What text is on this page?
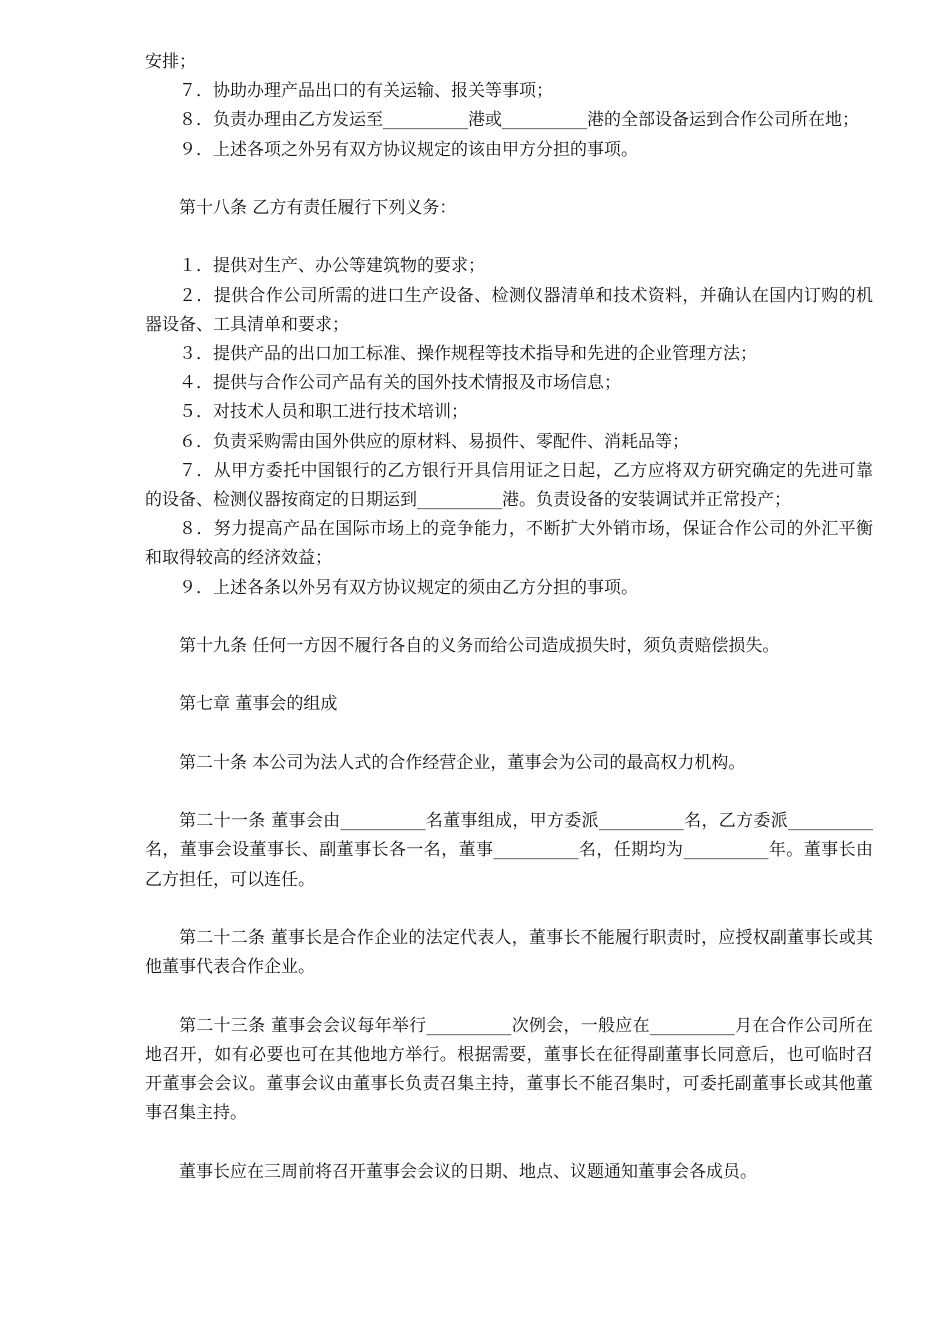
安排；

７．协助办理产品出口的有关运输、报关等事项；

８．负责办理由乙方发运至__________港或__________港的全部设备运到合作公司所在地；

９．上述各项之外另有双方协议规定的该由甲方分担的事项。

第十八条 乙方有责任履行下列义务：

１．提供对生产、办公等建筑物的要求；

２．提供合作公司所需的进口生产设备、检测仪器清单和技术资料，并确认在国内订购的机器设备、工具清单和要求；

３．提供产品的出口加工标准、操作规程等技术指导和先进的企业管理方法；

４．提供与合作公司产品有关的国外技术情报及市场信息；

５．对技术人员和职工进行技术培训；

６．负责采购需由国外供应的原材料、易损件、零配件、消耗品等；

７．从甲方委托中国银行的乙方银行开具信用证之日起，乙方应将双方研究确定的先进可靠的设备、检测仪器按商定的日期运到__________港。负责设备的安装调试并正常投产；

８．努力提高产品在国际市场上的竞争能力，不断扩大外销市场，保证合作公司的外汇平衡和取得较高的经济效益；

９．上述各条以外另有双方协议规定的须由乙方分担的事项。

第十九条 任何一方因不履行各自的义务而给公司造成损失时，须负责赔偿损失。

第七章 董事会的组成

第二十条 本公司为法人式的合作经营企业，董事会为公司的最高权力机构。

第二十一条 董事会由__________名董事组成，甲方委派__________名，乙方委派__________名，董事会设董事长、副董事长各一名，董事__________名，任期均为__________年。董事长由乙方担任，可以连任。

第二十二条 董事长是合作企业的法定代表人，董事长不能履行职责时，应授权副董事长或其他董事代表合作企业。

第二十三条 董事会会议每年举行__________次例会，一般应在__________月在合作公司所在地召开，如有必要也可在其他地方举行。根据需要，董事长在征得副董事长同意后，也可临时召开董事会会议。董事会议由董事长负责召集主持，董事长不能召集时，可委托副董事长或其他董事召集主持。

董事长应在三周前将召开董事会会议的日期、地点、议题通知董事会各成员。
